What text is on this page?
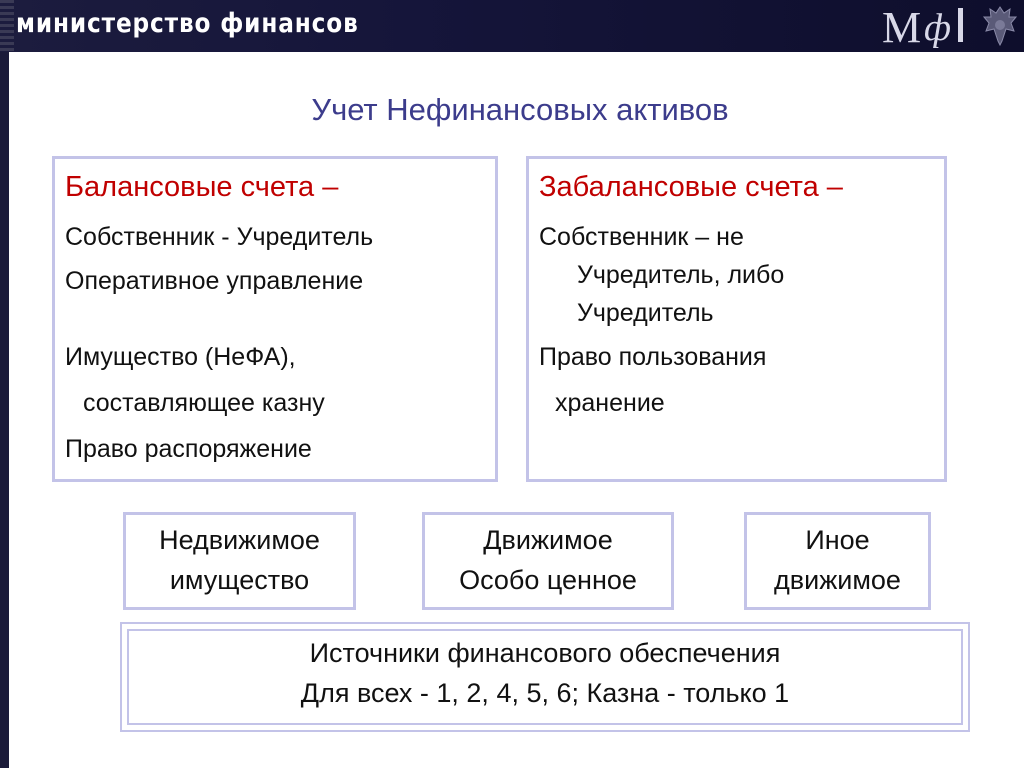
министерство финансов	M ф
Учет Нефинансовых активов
Балансовые счета –
Собственник - Учредитель
Оперативное управление
Имущество (НеФА),
составляющее казну
Право распоряжение
Забалансовые счета –
Собственник – не
Учредитель, либо
Учредитель
Право пользования
хранение
Недвижимое
имущество
Движимое
Особо ценное
Иное
движимое
Источники финансового обеспечения
Для всех - 1, 2, 4, 5, 6; Казна - только 1
